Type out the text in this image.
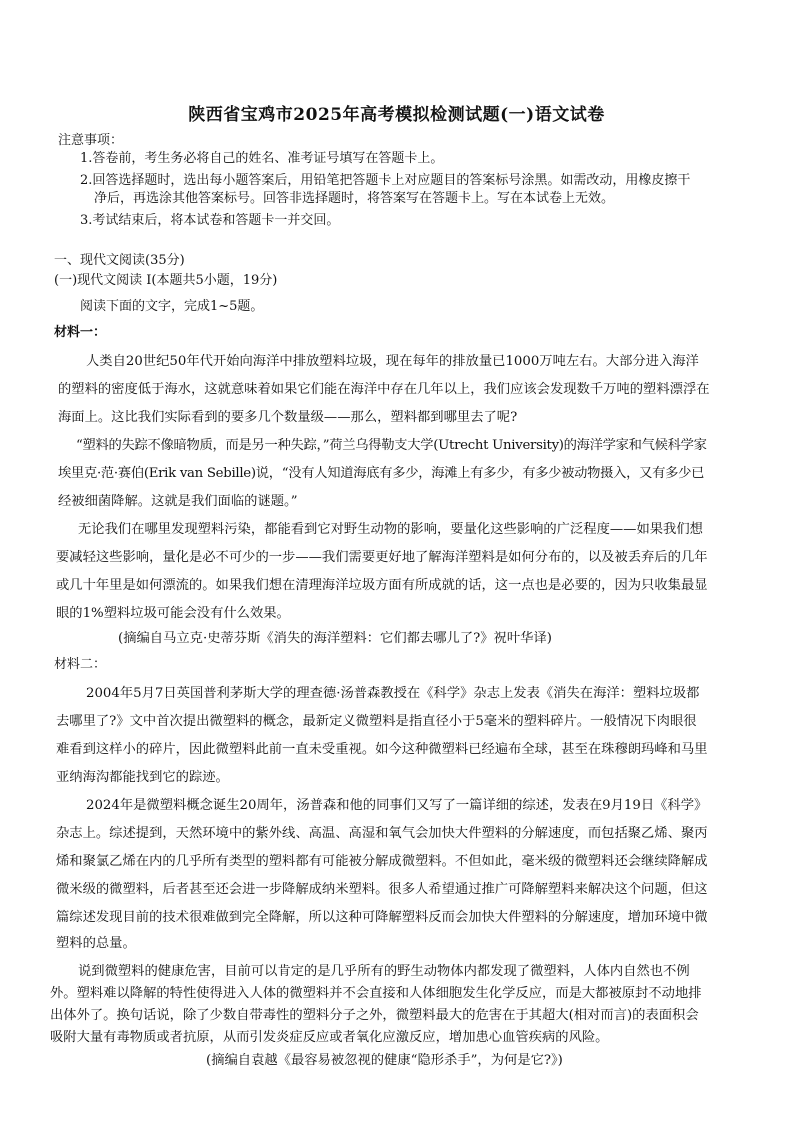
陕西省宝鸡市2025年高考模拟检测试题(一)语文试卷
注意事项：
1.答卷前，考生务必将自己的姓名、准考证号填写在答题卡上。
2.回答选择题时，选出每小题答案后，用铅笔把答题卡上对应题目的答案标号涂黑。如需改动，用橡皮擦干
净后，再选涂其他答案标号。回答非选择题时，将答案写在答题卡上。写在本试卷上无效。
3.考试结束后，将本试卷和答题卡一并交回。
一、现代文阅读(35分)
(一)现代文阅读 I(本题共5小题，19分)
阅读下面的文字，完成1~5题。
材料一：
人类自20世纪50年代开始向海洋中排放塑料垃圾，现在每年的排放量已1000万吨左右。大部分进入海洋
的塑料的密度低于海水，这就意味着如果它们能在海洋中存在几年以上，我们应该会发现数千万吨的塑料漂浮在
海面上。这比我们实际看到的要多几个数量级——那么，塑料都到哪里去了呢?
“塑料的失踪不像暗物质，而是另一种失踪，”荷兰乌得勒支大学(Utrecht University)的海洋学家和气候科学家
埃里克·范·赛伯(Erik van Sebille)说，“没有人知道海底有多少，海滩上有多少，有多少被动物摄入，又有多少已
经被细菌降解。这就是我们面临的谜题。”
无论我们在哪里发现塑料污染，都能看到它对野生动物的影响，要量化这些影响的广泛程度——如果我们想
要减轻这些影响，量化是必不可少的一步——我们需要更好地了解海洋塑料是如何分布的，以及被丢弃后的几年
或几十年里是如何漂流的。如果我们想在清理海洋垃圾方面有所成就的话，这一点也是必要的，因为只收集最显
眼的1%塑料垃圾可能会没有什么效果。
(摘编自马立克·史蒂芬斯《消失的海洋塑料：它们都去哪儿了?》祝叶华译)
材料二：
2004年5月7日英国普利茅斯大学的理查德·汤普森教授在《科学》杂志上发表《消失在海洋：塑料垃圾都
去哪里了?》文中首次提出微塑料的概念，最新定义微塑料是指直径小于5毫米的塑料碎片。一般情况下肉眼很
难看到这样小的碎片，因此微塑料此前一直未受重视。如今这种微塑料已经遍布全球，甚至在珠穆朗玛峰和马里
亚纳海沟都能找到它的踪迹。
2024年是微塑料概念诞生20周年，汤普森和他的同事们又写了一篇详细的综述，发表在9月19日《科学》
杂志上。综述提到，天然环境中的紫外线、高温、高湿和氧气会加快大件塑料的分解速度，而包括聚乙烯、聚丙
烯和聚氯乙烯在内的几乎所有类型的塑料都有可能被分解成微塑料。不但如此，毫米级的微塑料还会继续降解成
微米级的微塑料，后者甚至还会进一步降解成纳米塑料。很多人希望通过推广可降解塑料来解决这个问题，但这
篇综述发现目前的技术很难做到完全降解，所以这种可降解塑料反而会加快大件塑料的分解速度，增加环境中微
塑料的总量。
说到微塑料的健康危害，目前可以肯定的是几乎所有的野生动物体内都发现了微塑料，人体内自然也不例
外。塑料难以降解的特性使得进入人体的微塑料并不会直接和人体细胞发生化学反应，而是大都被原封不动地排
出体外了。换句话说，除了少数自带毒性的塑料分子之外，微塑料最大的危害在于其超大(相对而言)的表面积会
吸附大量有毒物质或者抗原，从而引发炎症反应或者氧化应激反应，增加患心血管疾病的风险。
(摘编自袁越《最容易被忽视的健康“隐形杀手”，为何是它?》)
